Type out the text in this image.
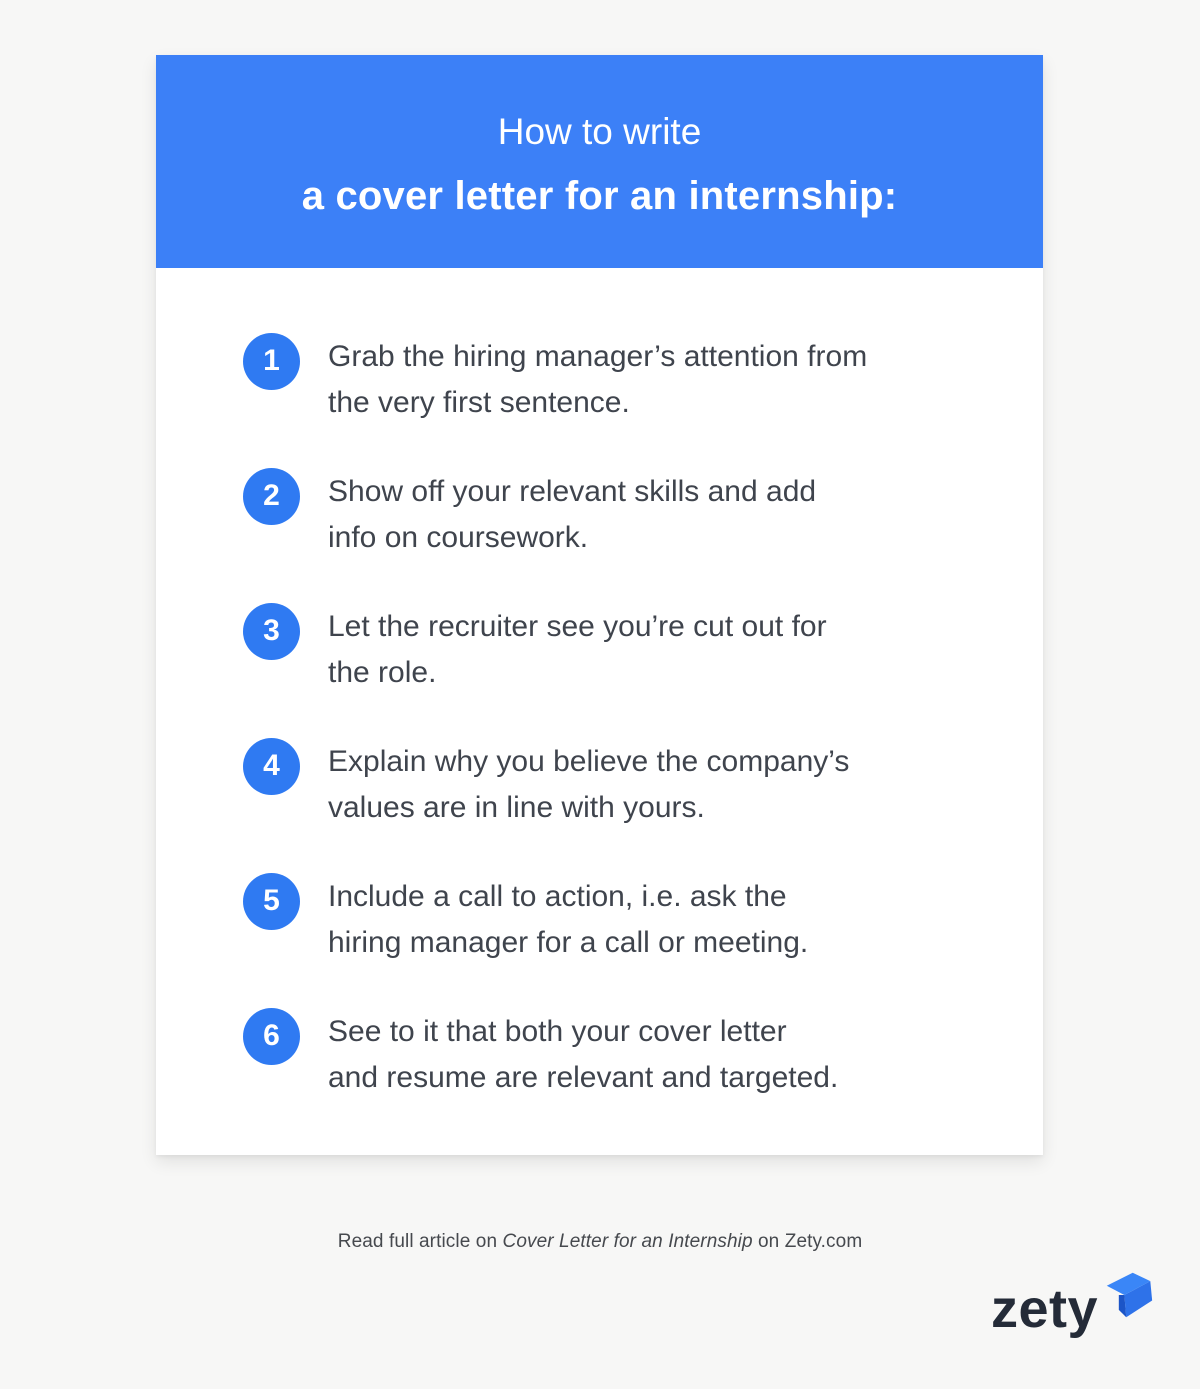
How to write
a cover letter for an internship:
1	Grab the hiring manager’s attention from
the very first sentence.
2	Show off your relevant skills and add
info on coursework.
3	Let the recruiter see you’re cut out for
the role.
4	Explain why you believe the company’s
values are in line with yours.
5	Include a call to action, i.e. ask the
hiring manager for a call or meeting.
6	See to it that both your cover letter
and resume are relevant and targeted.
Read full article on Cover Letter for an Internship on Zety.com
zety
